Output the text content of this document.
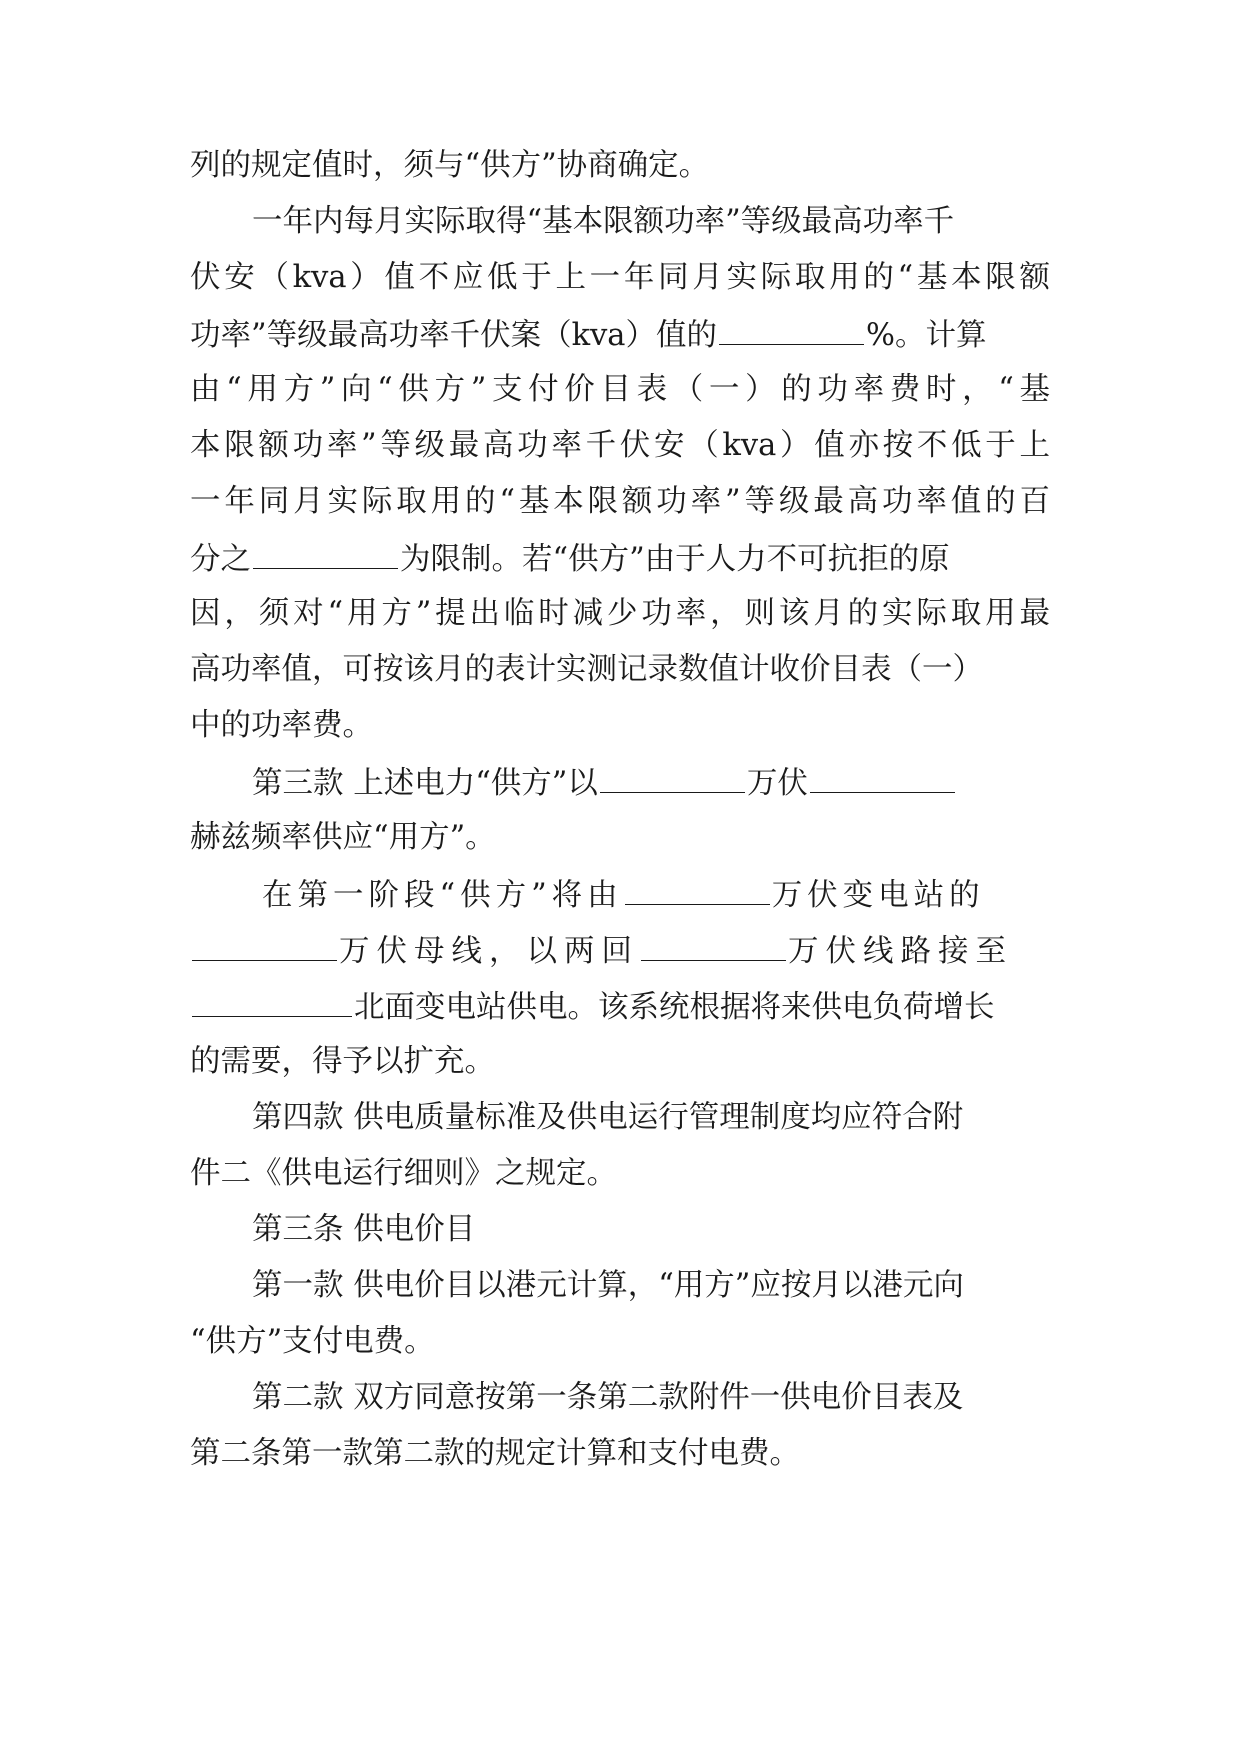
列的规定值时，须与“供方”协商确定。
一年内每月实际取得“基本限额功率”等级最高功率千
伏安（kva）值不应低于上一年同月实际取用的“基本限额
功率”等级最高功率千伏案（kva）值的	%。计算
由“用方”向“供方”支付价目表（一）的功率费时，“基
本限额功率”等级最高功率千伏安（kva）值亦按不低于上
一年同月实际取用的“基本限额功率”等级最高功率值的百
分之	为限制。若“供方”由于人力不可抗拒的原
因，须对“用方”提出临时减少功率，则该月的实际取用最
高功率值，可按该月的表计实测记录数值计收价目表（一）
中的功率费。
第三款 上述电力“供方”以	万伏
赫兹频率供应“用方”。
在第一阶段“供方”将由	万伏变电站的
万伏母线，以两回	万伏线路接至
北面变电站供电。该系统根据将来供电负荷增长
的需要，得予以扩充。
第四款 供电质量标准及供电运行管理制度均应符合附
件二《供电运行细则》之规定。
第三条 供电价目
第一款 供电价目以港元计算，“用方”应按月以港元向
“供方”支付电费。
第二款 双方同意按第一条第二款附件一供电价目表及
第二条第一款第二款的规定计算和支付电费。
